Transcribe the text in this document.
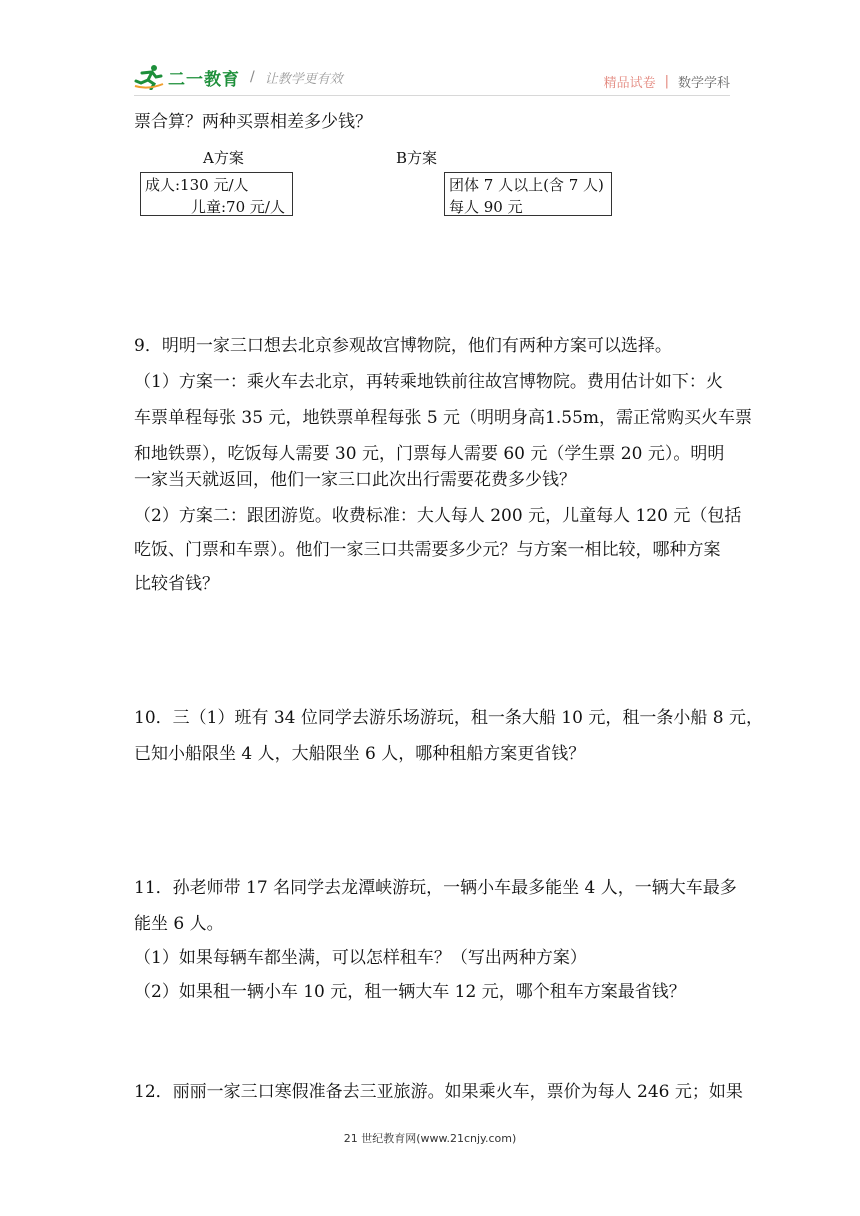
二一教育 / 让教学更有效	精品试卷 | 数学学科
票合算？两种买票相差多少钱？
A方案
成人:130 元/人
儿童:70 元/人
B方案
团体 7 人以上(含 7 人)
每人 90 元
9．明明一家三口想去北京参观故宫博物院，他们有两种方案可以选择。
（1）方案一：乘火车去北京，再转乘地铁前往故宫博物院。费用估计如下：火
车票单程每张 35 元，地铁票单程每张 5 元（明明身高1.55m，需正常购买火车票
和地铁票），吃饭每人需要 30 元，门票每人需要 60 元（学生票 20 元）。明明
一家当天就返回，他们一家三口此次出行需要花费多少钱？
（2）方案二：跟团游览。收费标准：大人每人 200 元，儿童每人 120 元（包括
吃饭、门票和车票）。他们一家三口共需要多少元？与方案一相比较，哪种方案
比较省钱？
10．三（1）班有 34 位同学去游乐场游玩，租一条大船 10 元，租一条小船 8 元，
已知小船限坐 4 人，大船限坐 6 人，哪种租船方案更省钱？
11．孙老师带 17 名同学去龙潭峡游玩，一辆小车最多能坐 4 人，一辆大车最多
能坐 6 人。
（1）如果每辆车都坐满，可以怎样租车？（写出两种方案）
（2）如果租一辆小车 10 元，租一辆大车 12 元，哪个租车方案最省钱？
12．丽丽一家三口寒假准备去三亚旅游。如果乘火车，票价为每人 246 元；如果
21 世纪教育网(www.21cnjy.com)
